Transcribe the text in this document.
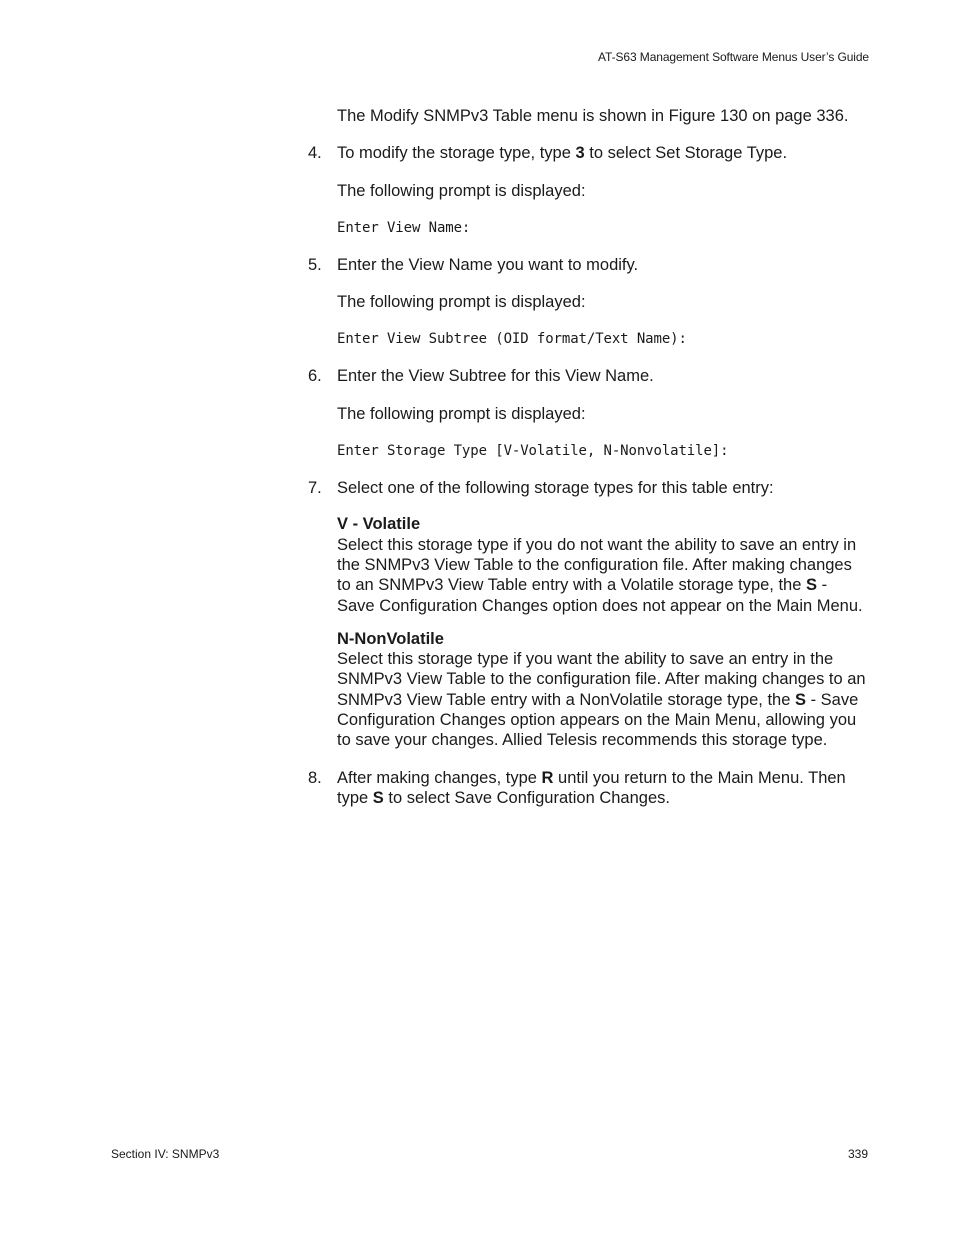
AT-S63 Management Software Menus User’s Guide

The Modify SNMPv3 Table menu is shown in Figure 130 on page 336.

4. To modify the storage type, type 3 to select Set Storage Type.

The following prompt is displayed:

Enter View Name:
5. Enter the View Name you want to modify.

The following prompt is displayed:

Enter View Subtree (OID format/Text Name):
6. Enter the View Subtree for this View Name.

The following prompt is displayed:

Enter Storage Type [V-Volatile, N-Nonvolatile]:
7. Select one of the following storage types for this table entry:

V - Volatile

Select this storage type if you do not want the ability to save an entry in the SNMPv3 View Table to the configuration file. After making changes to an SNMPv3 View Table entry with a Volatile storage type, the S - Save Configuration Changes option does not appear on the Main Menu.

N-NonVolatile

Select this storage type if you want the ability to save an entry in the SNMPv3 View Table to the configuration file. After making changes to an SNMPv3 View Table entry with a NonVolatile storage type, the S - Save Configuration Changes option appears on the Main Menu, allowing you to save your changes. Allied Telesis recommends this storage type.

8. After making changes, type R until you return to the Main Menu. Then type S to select Save Configuration Changes.

Section IV: SNMPv3	339
